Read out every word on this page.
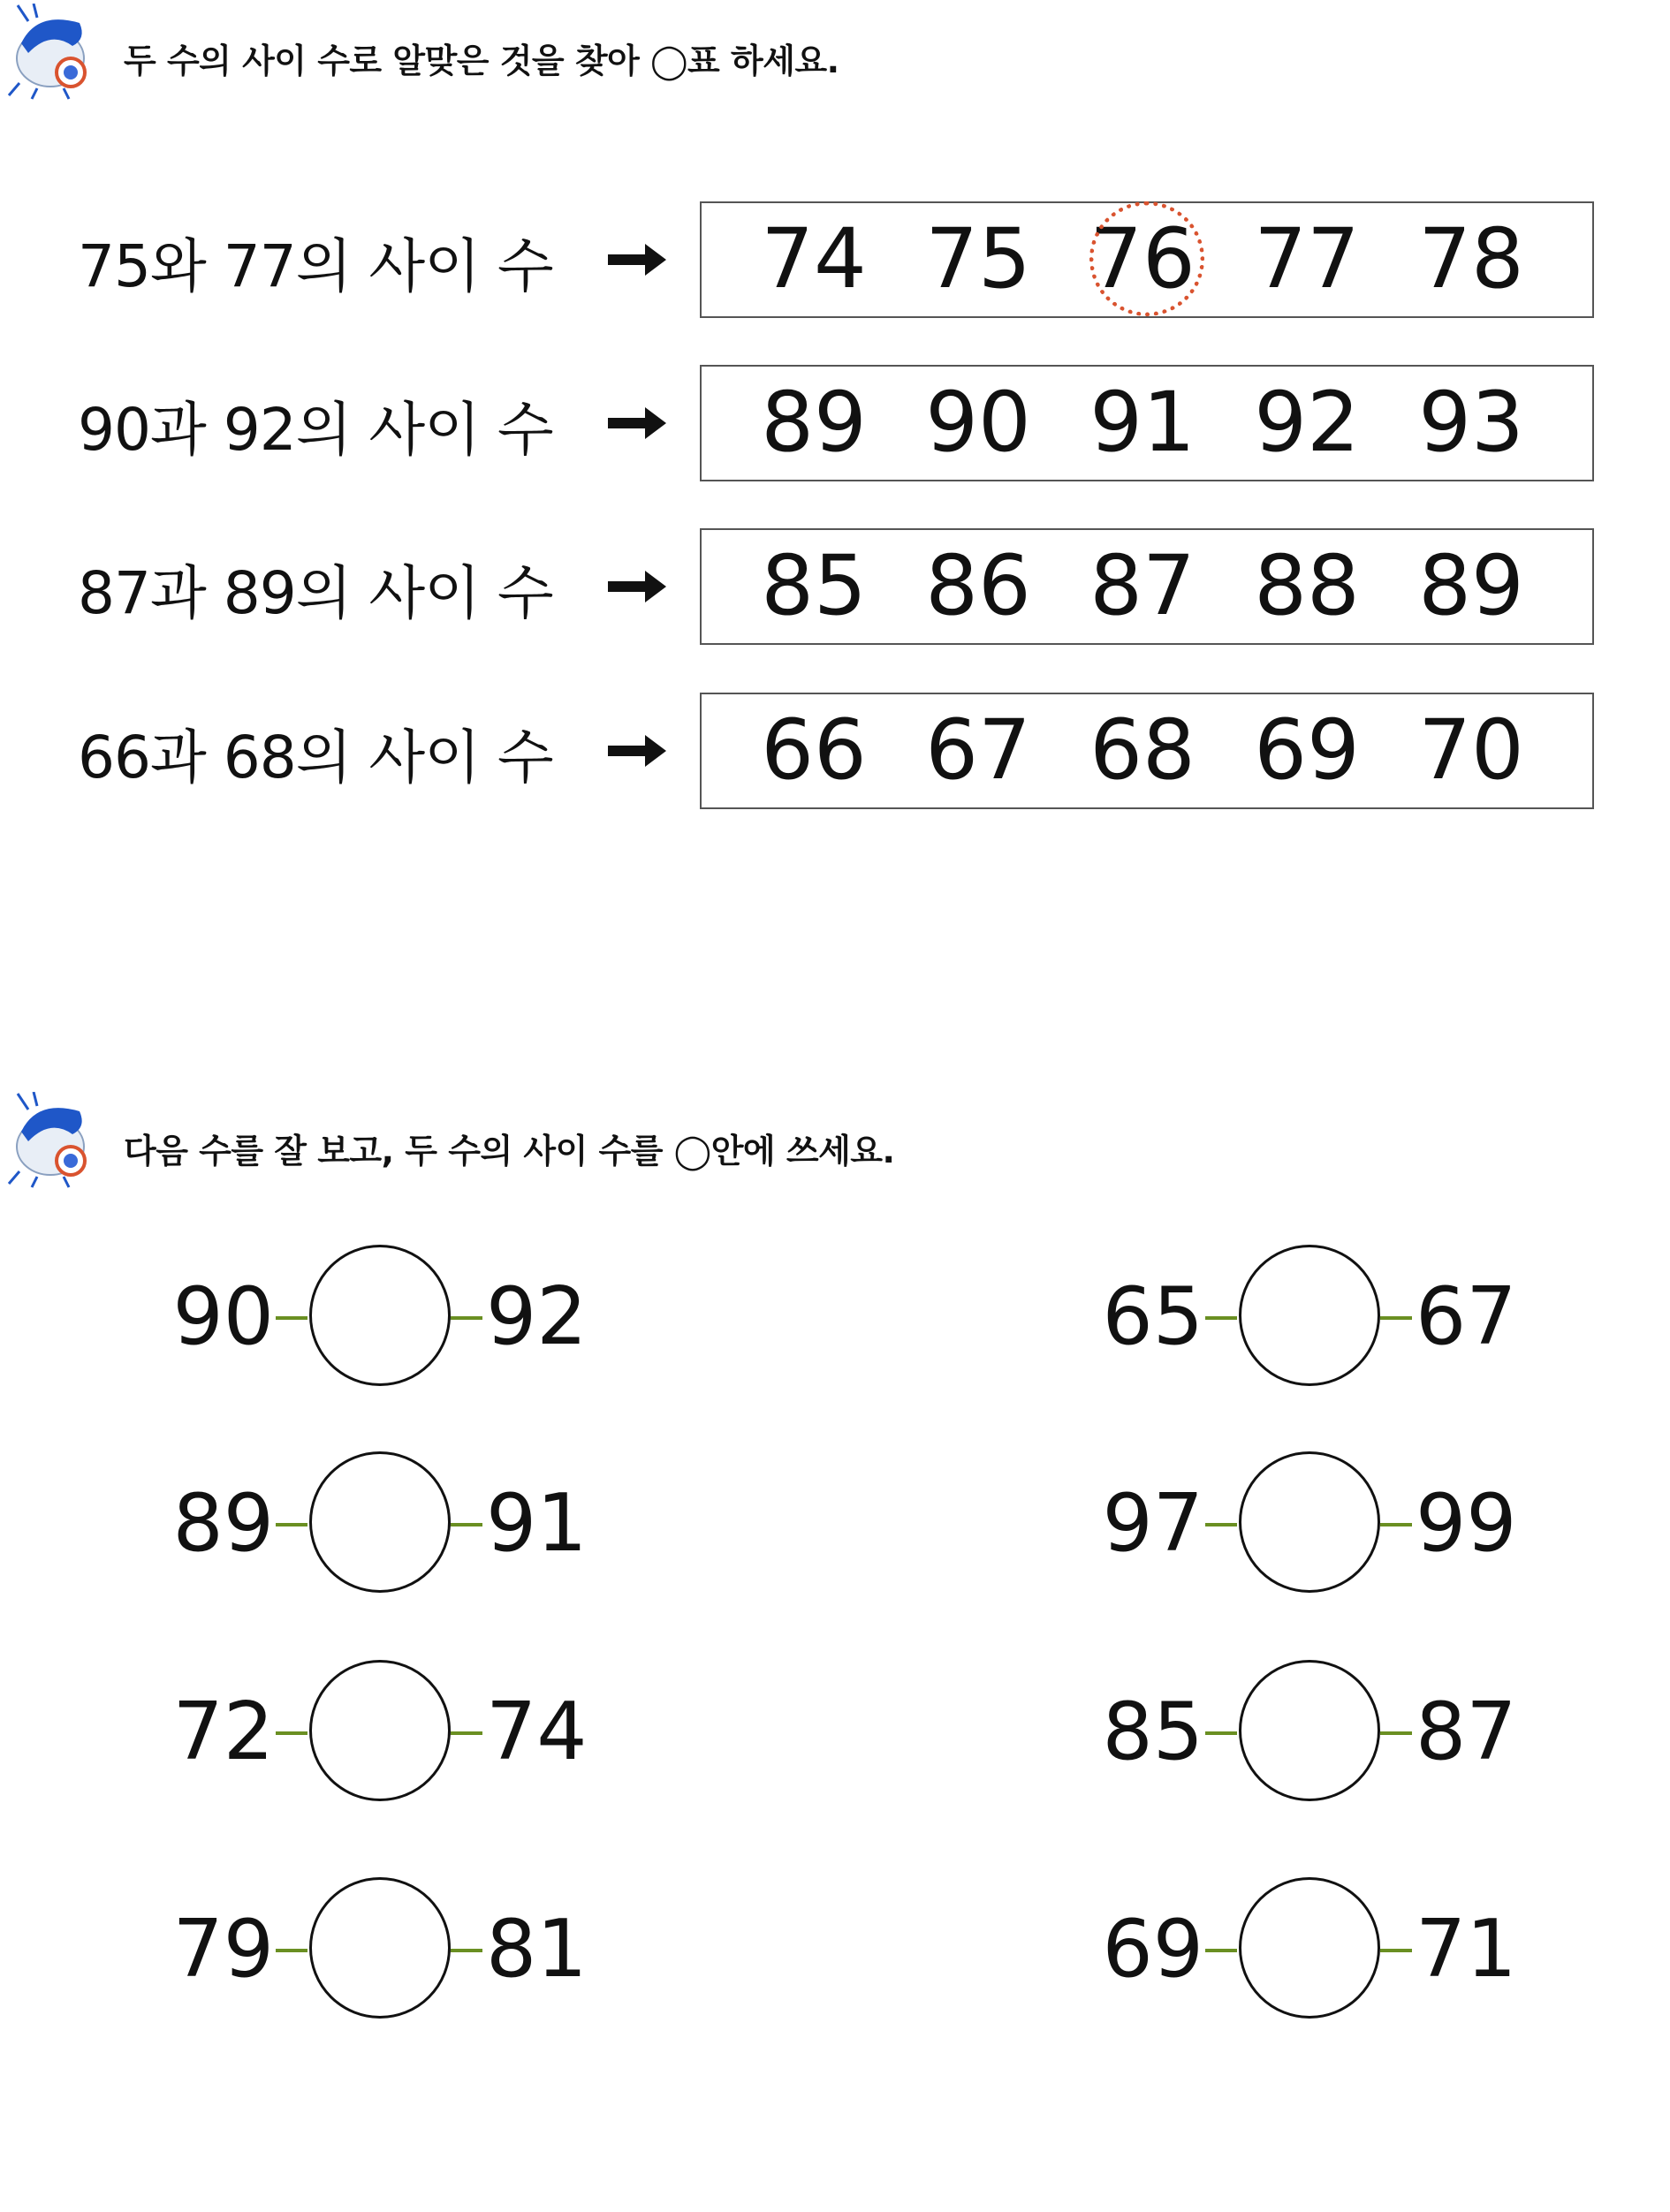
두 수의 사이 수로 알맞은 것을 찾아 ◯표 하세요.
75와 77의 사이 수	74 75 76 77 78
90과 92의 사이 수	89 90 91 92 93
87과 89의 사이 수	85 86 87 88 89
66과 68의 사이 수	66 67 68 69 70
다음 수를 잘 보고, 두 수의 사이 수를 ◯안에 쓰세요.
90	92
89	91
72	74
79	81
65	67
97	99
85	87
69	71
